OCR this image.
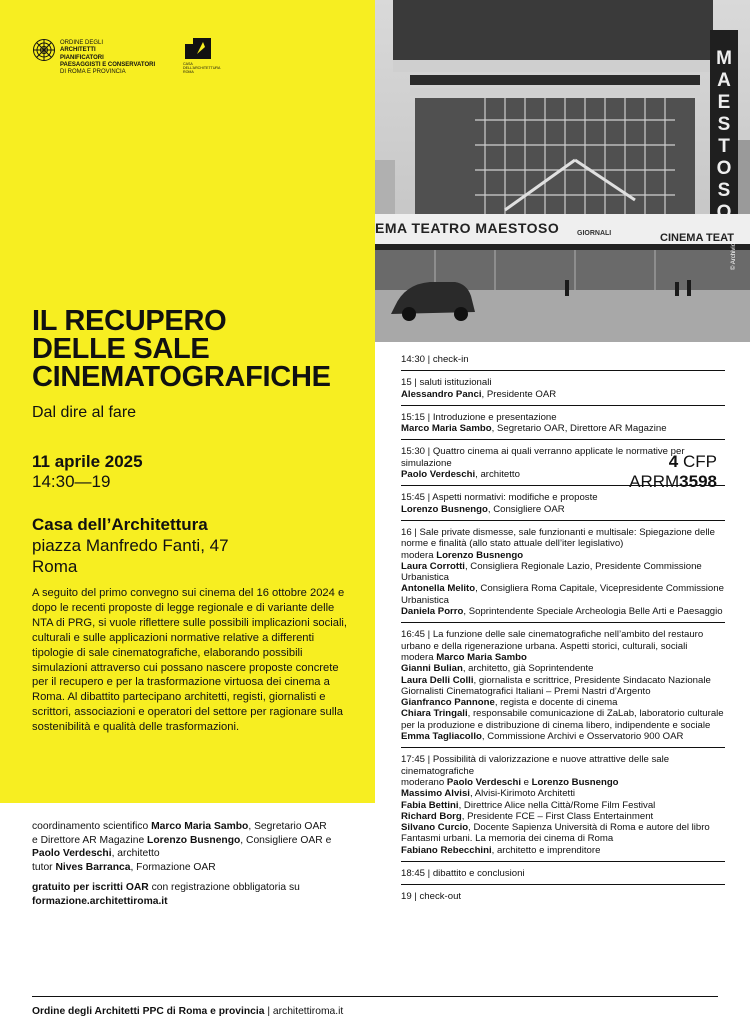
MAESTOSO
EMA TEATRO MAESTOSO	GIORNALI	CINEMA TEAT
© Archivio
ORDINE DEGLI
ARCHITETTI
PIANIFICATORI
PAESAGGISTI E CONSERVATORI
DI ROMA E PROVINCIA
CASA
DELL'ARCHITETTURA
ROMA
IL RECUPERO
DELLE SALE
CINEMATOGRAFICHE
Dal dire al fare
11 aprile 2025
14:30—19
4 CFP
ARRM3598
Casa dell’Architettura
piazza Manfredo Fanti, 47
Roma
A seguito del primo convegno sui cinema del 16 ottobre 2024 e dopo le recenti proposte di legge regionale e di variante delle NTA di PRG, si vuole riflettere sulle possibili implicazioni sociali, culturali e sulle applicazioni normative relative a differenti tipologie di sale cinematografiche, elaborando possibili simulazioni attraverso cui possano nascere proposte concrete per il recupero e per la trasformazione virtuosa dei cinema a Roma. Al dibattito partecipano architetti, registi, giornalisti e scrittori, associazioni e operatori del settore per ragionare sulla sostenibilità e qualità delle trasformazioni.

coordinamento scientifico Marco Maria Sambo, Segretario OAR

e Direttore AR Magazine Lorenzo Busnengo, Consigliere OAR e

Paolo Verdeschi, architetto

tutor Nives Barranca, Formazione OAR

gratuito per iscritti OAR con registrazione obbligatoria su

formazione.architettiroma.it

Ordine degli Architetti PPC di Roma e provincia | architettiroma.it
14:30 | check-in
15 | saluti istituzionali
Alessandro Panci, Presidente OAR
15:15 | Introduzione e presentazione
Marco Maria Sambo, Segretario OAR, Direttore AR Magazine
15:30 | Quattro cinema ai quali verranno applicate le normative per simulazione
Paolo Verdeschi, architetto
15:45 | Aspetti normativi: modifiche e proposte
Lorenzo Busnengo, Consigliere OAR
16 | Sale private dismesse, sale funzionanti e multisale: Spiegazione delle norme e finalità (allo stato attuale dell’iter legislativo)
modera Lorenzo Busnengo
Laura Corrotti, Consigliera Regionale Lazio, Presidente Commissione Urbanistica
Antonella Melito, Consigliera Roma Capitale, Vicepresidente Commissione Urbanistica
Daniela Porro, Soprintendente Speciale Archeologia Belle Arti e Paesaggio
16:45 | La funzione delle sale cinematografiche nell’ambito del restauro urbano e della rigenerazione urbana. Aspetti storici, culturali, sociali
modera Marco Maria Sambo
Gianni Bulian, architetto, già Soprintendente
Laura Delli Colli, giornalista e scrittrice, Presidente Sindacato Nazionale Giornalisti Cinematografici Italiani – Premi Nastri d’Argento
Gianfranco Pannone, regista e docente di cinema
Chiara Tringali, responsabile comunicazione di ZaLab, laboratorio culturale per la produzione e distribuzione di cinema libero, indipendente e sociale
Emma Tagliacollo, Commissione Archivi e Osservatorio 900 OAR
17:45 | Possibilità di valorizzazione e nuove attrattive delle sale cinematografiche
moderano Paolo Verdeschi e Lorenzo Busnengo
Massimo Alvisi, Alvisi-Kirimoto Architetti
Fabia Bettini, Direttrice Alice nella Città/Rome Film Festival
Richard Borg, Presidente FCE – First Class Entertainment
Silvano Curcio, Docente Sapienza Università di Roma e autore del libro Fantasmi urbani. La memoria dei cinema di Roma
Fabiano Rebecchini, architetto e imprenditore
18:45 | dibattito e conclusioni
19 | check-out
